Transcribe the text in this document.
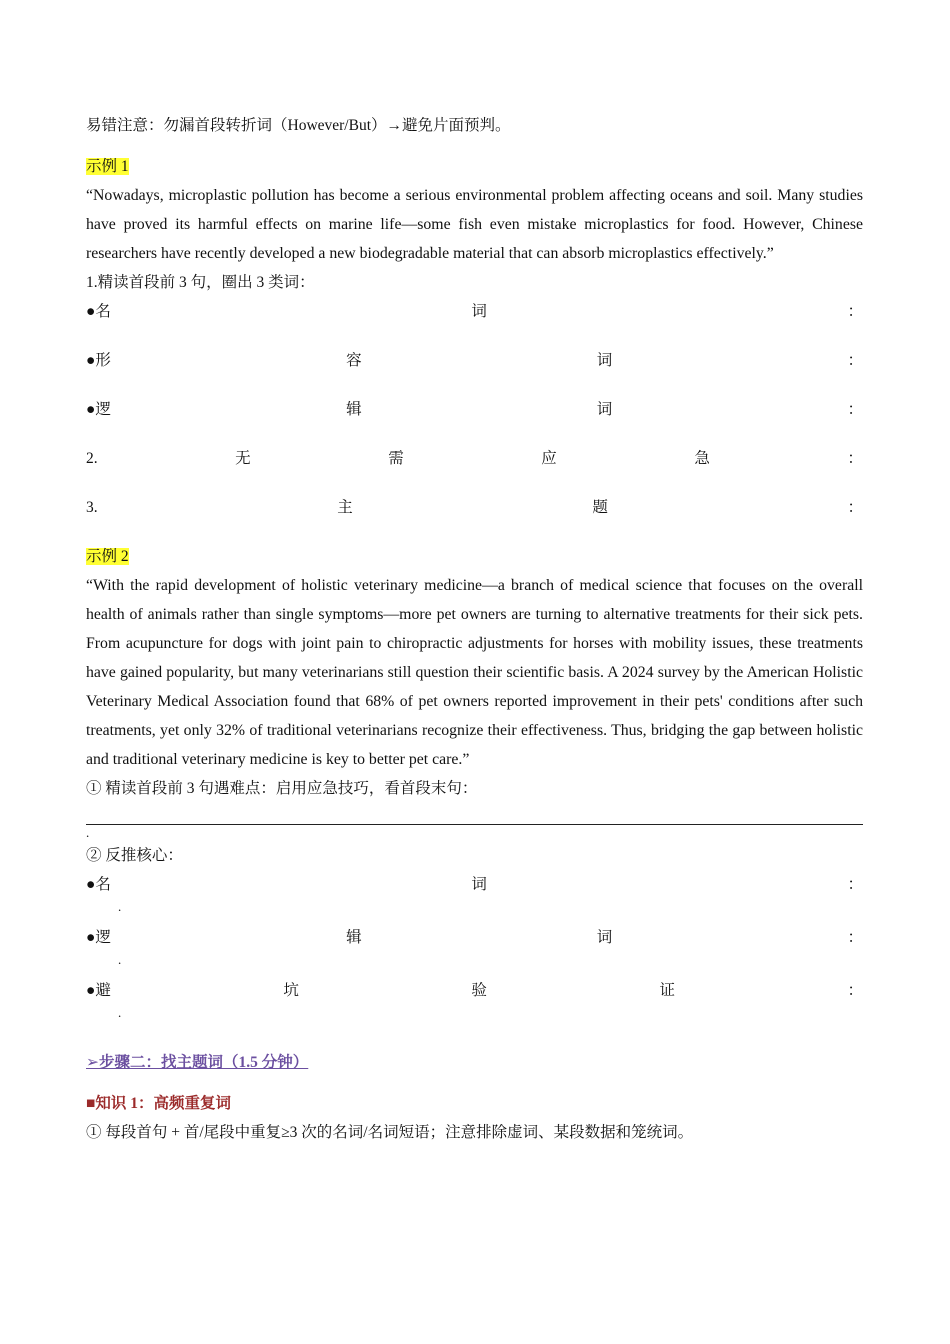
易错注意：勿漏首段转折词（However/But）→避免片面预判。
示例 1
“Nowadays, microplastic pollution has become a serious environmental problem affecting oceans and soil. Many studies have proved its harmful effects on marine life—some fish even mistake microplastics for food. However, Chinese researchers have recently developed a new biodegradable material that can absorb microplastics effectively.”
1.精读首段前 3 句，圈出 3 类词：
●名	词	：
●形	容	词	：
●逻	辑	词	：
2.	无	需	应	急	：
3.	主	题	：
示例 2
“With the rapid development of holistic veterinary medicine—a branch of medical science that focuses on the overall health of animals rather than single symptoms—more pet owners are turning to alternative treatments for their sick pets. From acupuncture for dogs with joint pain to chiropractic adjustments for horses with mobility issues, these treatments have gained popularity, but many veterinarians still question their scientific basis. A 2024 survey by the American Holistic Veterinary Medical Association found that 68% of pet owners reported improvement in their pets' conditions after such treatments, yet only 32% of traditional veterinarians recognize their effectiveness. Thus, bridging the gap between holistic and traditional veterinary medicine is key to better pet care.”
① 精读首段前 3 句遇难点：启用应急技巧，看首段末句：
.
② 反推核心：
●名	词	：
.
●逻	辑	词	：
.
●避	坑	验	证	：
.
➢步骤二：找主题词（1.5 分钟）
■知识 1：高频重复词
① 每段首句 + 首/尾段中重复≥3 次的名词/名词短语；注意排除虚词、某段数据和笼统词。
